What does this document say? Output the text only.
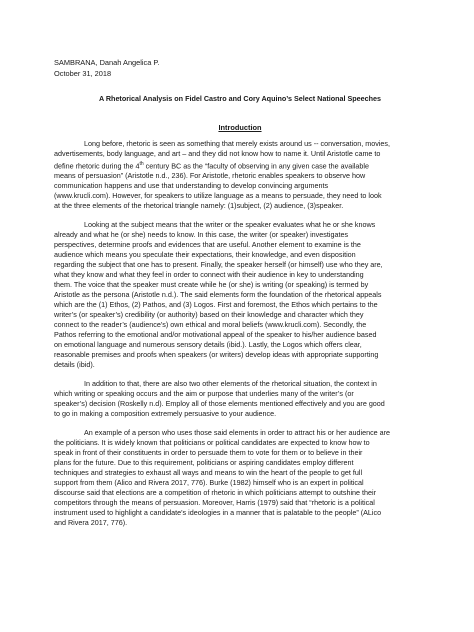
SAMBRANA, Danah Angelica P.
October 31, 2018
A Rhetorical Analysis on Fidel Castro and Cory Aquino’s Select National Speeches
Introduction
Long before, rhetoric is seen as something that merely exists around us -- conversation, movies,
advertisements, body language, and art – and they did not know how to name it. Until Aristotle came to
define rhetoric during the 4th century BC as the “faculty of observing in any given case the available
means of persuasion” (Aristotle n.d., 236). For Aristotle, rhetoric enables speakers to observe how
communication happens and use that understanding to develop convincing arguments
(www.krucli.com). However, for speakers to utilize language as a means to persuade, they need to look
at the three elements of the rhetorical triangle namely: (1)subject, (2) audience, (3)speaker.
Looking at the subject means that the writer or the speaker evaluates what he or she knows
already and what he (or she) needs to know. In this case, the writer (or speaker) investigates
perspectives, determine proofs and evidences that are useful. Another element to examine is the
audience which means you speculate their expectations, their knowledge, and even disposition
regarding the subject that one has to present. Finally, the speaker herself (or himself) use who they are,
what they know and what they feel in order to connect with their audience in key to understanding
them. The voice that the speaker must create while he (or she) is writing (or speaking) is termed by
Aristotle as the persona (Aristotle n.d.). The said elements form the foundation of the rhetorical appeals
which are the (1) Ethos, (2) Pathos, and (3) Logos. First and foremost, the Ethos which pertains to the
writer’s (or speaker’s) credibility (or authority) based on their knowledge and character which they
connect to the reader’s (audience’s) own ethical and moral beliefs (www.krucli.com). Secondly, the
Pathos referring to the emotional and/or motivational appeal of the speaker to his/her audience based
on emotional language and numerous sensory details (ibid.). Lastly, the Logos which offers clear,
reasonable premises and proofs when speakers (or writers) develop ideas with appropriate supporting
details (ibid).
In addition to that, there are also two other elements of the rhetorical situation, the context in
which writing or speaking occurs and the aim or purpose that underlies many of the writer’s (or
speaker’s) decision (Roskelly n.d). Employ all of those elements mentioned effectively and you are good
to go in making a composition extremely persuasive to your audience.
An example of a person who uses those said elements in order to attract his or her audience are
the politicians. It is widely known that politicians or political candidates are expected to know how to
speak in front of their constituents in order to persuade them to vote for them or to believe in their
plans for the future. Due to this requirement, politicians or aspiring candidates employ different
techniques and strategies to exhaust all ways and means to win the heart of the people to get full
support from them (Alico and Rivera 2017, 776). Burke (1982) himself who is an expert in political
discourse said that elections are a competition of rhetoric in which politicians attempt to outshine their
competitors through the means of persuasion. Moreover, Harris (1979) said that “rhetoric is a political
instrument used to highlight a candidate’s ideologies in a manner that is palatable to the people” (ALico
and Rivera 2017, 776).
